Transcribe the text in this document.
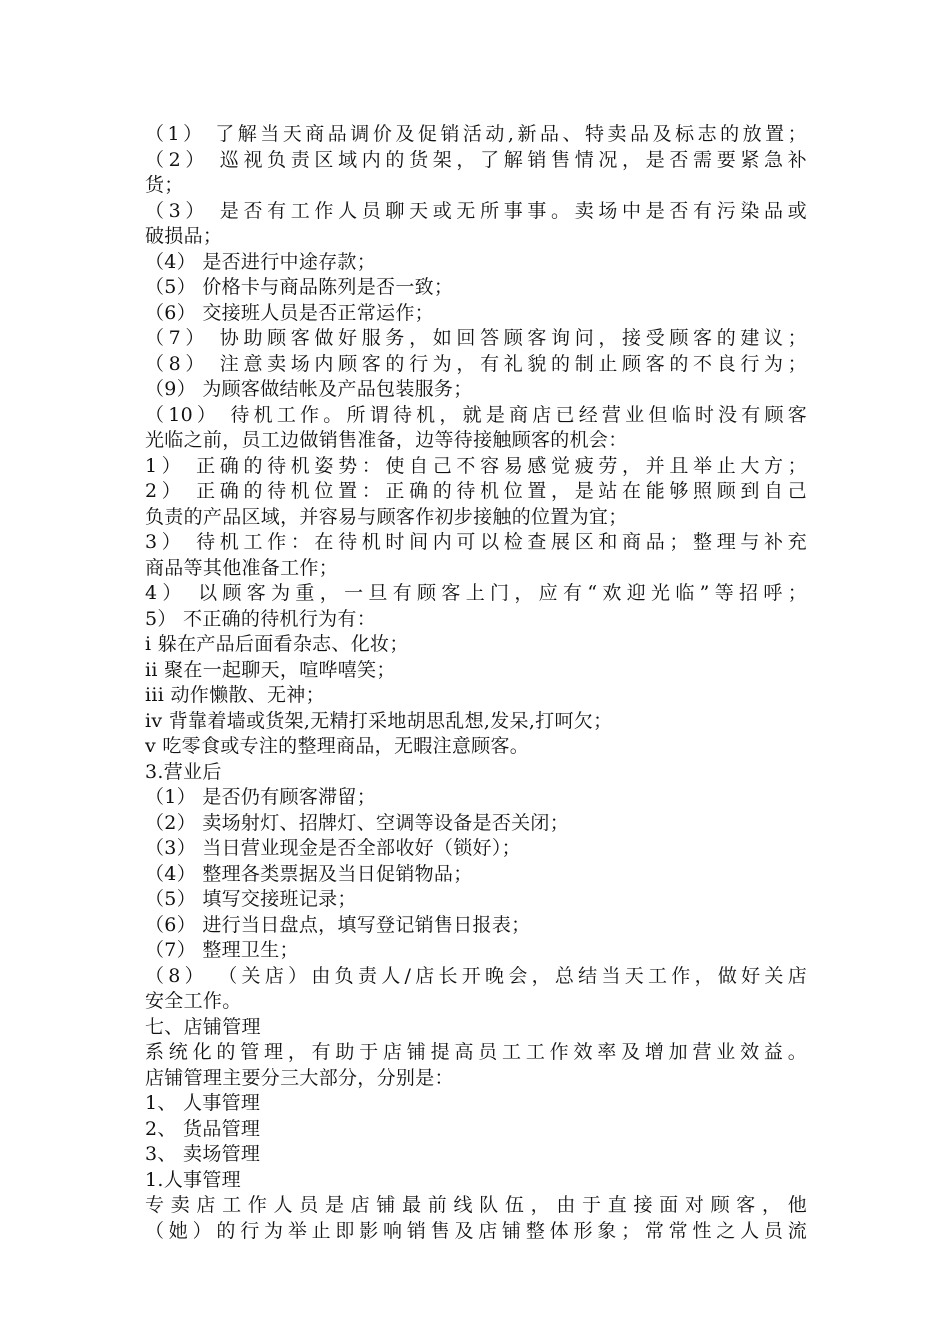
（1） 了解当天商品调价及促销活动,新品、特卖品及标志的放置；
（2） 巡视负责区域内的货架，了解销售情况，是否需要紧急补
货；
（3） 是否有工作人员聊天或无所事事。卖场中是否有污染品或
破损品；
（4） 是否进行中途存款；
（5） 价格卡与商品陈列是否一致；
（6） 交接班人员是否正常运作；
（7） 协助顾客做好服务，如回答顾客询问，接受顾客的建议；
（8） 注意卖场内顾客的行为，有礼貌的制止顾客的不良行为；
（9） 为顾客做结帐及产品包装服务；
（10） 待机工作。所谓待机，就是商店已经营业但临时没有顾客
光临之前，员工边做销售准备，边等待接触顾客的机会：
1） 正确的待机姿势：使自己不容易感觉疲劳，并且举止大方；
2） 正确的待机位置：正确的待机位置，是站在能够照顾到自己
负责的产品区域，并容易与顾客作初步接触的位置为宜；
3） 待机工作：在待机时间内可以检查展区和商品；整理与补充
商品等其他准备工作；
4） 以顾客为重，一旦有顾客上门，应有“欢迎光临”等招呼；
5） 不正确的待机行为有：
i 躲在产品后面看杂志、化妆；
ii 聚在一起聊天，喧哗嘻笑；
iii 动作懒散、无神；
iv 背靠着墙或货架,无精打采地胡思乱想,发呆,打呵欠；
v 吃零食或专注的整理商品，无暇注意顾客。
3.营业后
（1） 是否仍有顾客滞留；
（2） 卖场射灯、招牌灯、空调等设备是否关闭；
（3） 当日营业现金是否全部收好（锁好）；
（4） 整理各类票据及当日促销物品；
（5） 填写交接班记录；
（6） 进行当日盘点，填写登记销售日报表；
（7） 整理卫生；
（8） （关店）由负责人/店长开晚会，总结当天工作，做好关店
安全工作。
七、店铺管理
系统化的管理，有助于店铺提高员工工作效率及增加营业效益。
店铺管理主要分三大部分，分别是：
1、 人事管理
2、 货品管理
3、 卖场管理
1.人事管理
专卖店工作人员是店铺最前线队伍，由于直接面对顾客，他
（她）的行为举止即影响销售及店铺整体形象；常常性之人员流
